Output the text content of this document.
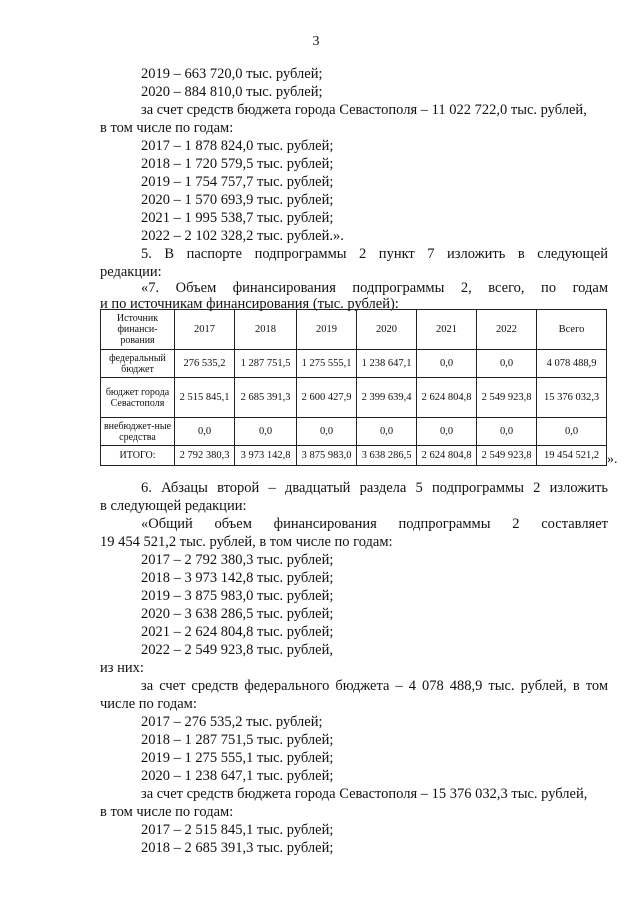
3
2019 – 663 720,0 тыс. рублей;
2020 – 884 810,0 тыс. рублей;
за счет средств бюджета города Севастополя – 11 022 722,0 тыс. рублей,
в том числе по годам:
2017 – 1 878 824,0 тыс. рублей;
2018 – 1 720 579,5 тыс. рублей;
2019 – 1 754 757,7 тыс. рублей;
2020 – 1 570 693,9 тыс. рублей;
2021 – 1 995 538,7 тыс. рублей;
2022 – 2 102 328,2 тыс. рублей.».
5. В паспорте подпрограммы 2 пункт 7 изложить в следующей
редакции:
«7. Объем финансирования подпрограммы 2, всего, по годам
и по источникам финансирования (тыс. рублей):
Источник финанси-рования	2017	2018	2019	2020	2021	2022	Всего
федеральный бюджет	276 535,2	1 287 751,5	1 275 555,1	1 238 647,1	0,0	0,0	4 078 488,9
бюджет города Севастополя	2 515 845,1	2 685 391,3	2 600 427,9	2 399 639,4	2 624 804,8	2 549 923,8	15 376 032,3
внебюджет-ные средства	0,0	0,0	0,0	0,0	0,0	0,0	0,0
ИТОГО:	2 792 380,3	3 973 142,8	3 875 983,0	3 638 286,5	2 624 804,8	2 549 923,8	19 454 521,2 ».
6. Абзацы второй – двадцатый раздела 5 подпрограммы 2 изложить
в следующей редакции:
«Общий объем финансирования подпрограммы 2 составляет
19 454 521,2 тыс. рублей, в том числе по годам:
2017 – 2 792 380,3 тыс. рублей;
2018 – 3 973 142,8 тыс. рублей;
2019 – 3 875 983,0 тыс. рублей;
2020 – 3 638 286,5 тыс. рублей;
2021 – 2 624 804,8 тыс. рублей;
2022 – 2 549 923,8 тыс. рублей,
из них:
за счет средств федерального бюджета – 4 078 488,9 тыс. рублей, в том
числе по годам:
2017 – 276 535,2 тыс. рублей;
2018 – 1 287 751,5 тыс. рублей;
2019 – 1 275 555,1 тыс. рублей;
2020 – 1 238 647,1 тыс. рублей;
за счет средств бюджета города Севастополя – 15 376 032,3 тыс. рублей,
в том числе по годам:
2017 – 2 515 845,1 тыс. рублей;
2018 – 2 685 391,3 тыс. рублей;
